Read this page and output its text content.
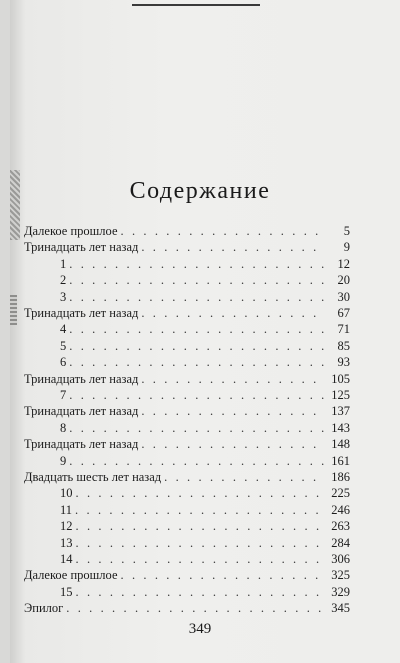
Содержание
Далекое прошлое . . .	5
Тринадцать лет назад . . .	9
1 . . .	12
2 . . .	20
3 . . .	30
Тринадцать лет назад . . .	67
4 . . .	71
5 . . .	85
6 . . .	93
Тринадцать лет назад . . .	105
7 . . .	125
Тринадцать лет назад . . .	137
8 . . .	143
Тринадцать лет назад . . .	148
9 . . .	161
Двадцать шесть лет назад . . .	186
10 . . .	225
11 . . .	246
12 . . .	263
13 . . .	284
14 . . .	306
Далекое прошлое . . .	325
15 . . .	329
Эпилог . . .	345
349
